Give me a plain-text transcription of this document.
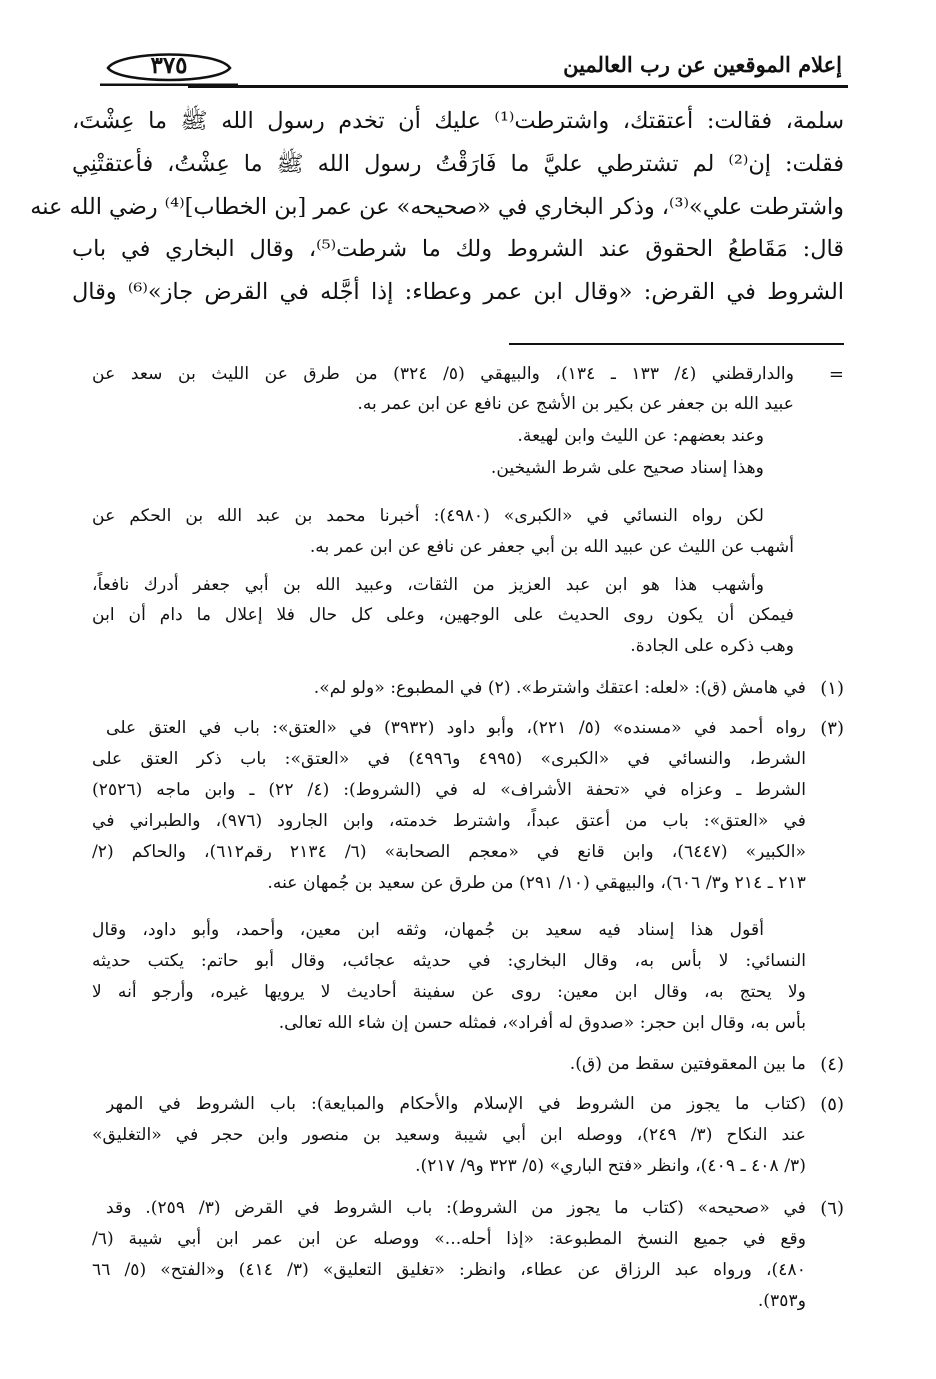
إعلام الموقعين عن رب العالمين
٣٧٥
سلمة، فقالت: أعتقتك، واشترطت⁽¹⁾ عليك أن تخدم رسول الله ﷺ ما عِشْتَ،
فقلت: إن⁽²⁾ لم تشترطي عليَّ ما فَارَقْتُ رسول الله ﷺ ما عِشْتُ، فأعتقتْنِي
واشترطت علي»⁽³⁾، وذكر البخاري في «صحيحه» عن عمر [بن الخطاب]⁽⁴⁾ رضي الله عنه
قال: مَقَاطعُ الحقوق عند الشروط ولك ما شرطت⁽⁵⁾، وقال البخاري في باب
الشروط في القرض: «وقال ابن عمر وعطاء: إذا أجَّله في القرض جاز»⁽⁶⁾ وقال
=
والدارقطني (٤/ ١٣٣ ـ ١٣٤)، والبيهقي (٥/ ٣٢٤) من طرق عن الليث بن سعد عن
عبيد الله بن جعفر عن بكير بن الأشج عن نافع عن ابن عمر به.
وعند بعضهم: عن الليث وابن لهيعة.
وهذا إسناد صحيح على شرط الشيخين.
لكن رواه النسائي في «الكبرى» (٤٩٨٠): أخبرنا محمد بن عبد الله بن الحكم عن
أشهب عن الليث عن عبيد الله بن أبي جعفر عن نافع عن ابن عمر به.
وأشهب هذا هو ابن عبد العزيز من الثقات، وعبيد الله بن أبي جعفر أدرك نافعاً،
فيمكن أن يكون روى الحديث على الوجهين، وعلى كل حال فلا إعلال ما دام أن ابن
وهب ذكره على الجادة.
(١)
في هامش (ق): «لعله: اعتقك واشترط». (٢) في المطبوع: «ولو لم».
(٣)
رواه أحمد في «مسنده» (٥/ ٢٢١)، وأبو داود (٣٩٣٢) في «العتق»: باب في العتق على
الشرط، والنسائي في «الكبرى» (٤٩٩٥ و٤٩٩٦) في «العتق»: باب ذكر العتق على
الشرط ـ وعزاه في «تحفة الأشراف» له في (الشروط): (٤/ ٢٢) ـ وابن ماجه (٢٥٢٦)
في «العتق»: باب من أعتق عبداً، واشترط خدمته، وابن الجارود (٩٧٦)، والطبراني في
«الكبير» (٦٤٤٧)، وابن قانع في «معجم الصحابة» (٦/ ٢١٣٤ رقم٦١٢)، والحاكم (٢/
٢١٣ ـ ٢١٤ و٣/ ٦٠٦)، والبيهقي (١٠/ ٢٩١) من طرق عن سعيد بن جُمهان عنه.
أقول هذا إسناد فيه سعيد بن جُمهان، وثقه ابن معين، وأحمد، وأبو داود، وقال
النسائي: لا بأس به، وقال البخاري: في حديثه عجائب، وقال أبو حاتم: يكتب حديثه
ولا يحتج به، وقال ابن معين: روى عن سفينة أحاديث لا يرويها غيره، وأرجو أنه لا
بأس به، وقال ابن حجر: «صدوق له أفراد»، فمثله حسن إن شاء الله تعالى.
(٤)
ما بين المعقوفتين سقط من (ق).
(٥)
(كتاب ما يجوز من الشروط في الإسلام والأحكام والمبايعة): باب الشروط في المهر
عند النكاح (٣/ ٢٤٩)، ووصله ابن أبي شيبة وسعيد بن منصور وابن حجر في «التغليق»
(٣/ ٤٠٨ ـ ٤٠٩)، وانظر «فتح الباري» (٥/ ٣٢٣ و٩/ ٢١٧).
(٦)
في «صحيحه» (كتاب ما يجوز من الشروط): باب الشروط في القرض (٣/ ٢٥٩). وقد
وقع في جميع النسخ المطبوعة: «إذا أحله...» ووصله عن ابن عمر ابن أبي شيبة (٦/
٤٨٠)، ورواه عبد الرزاق عن عطاء، وانظر: «تغليق التعليق» (٣/ ٤١٤) و«الفتح» (٥/ ٦٦
و٣٥٣).
